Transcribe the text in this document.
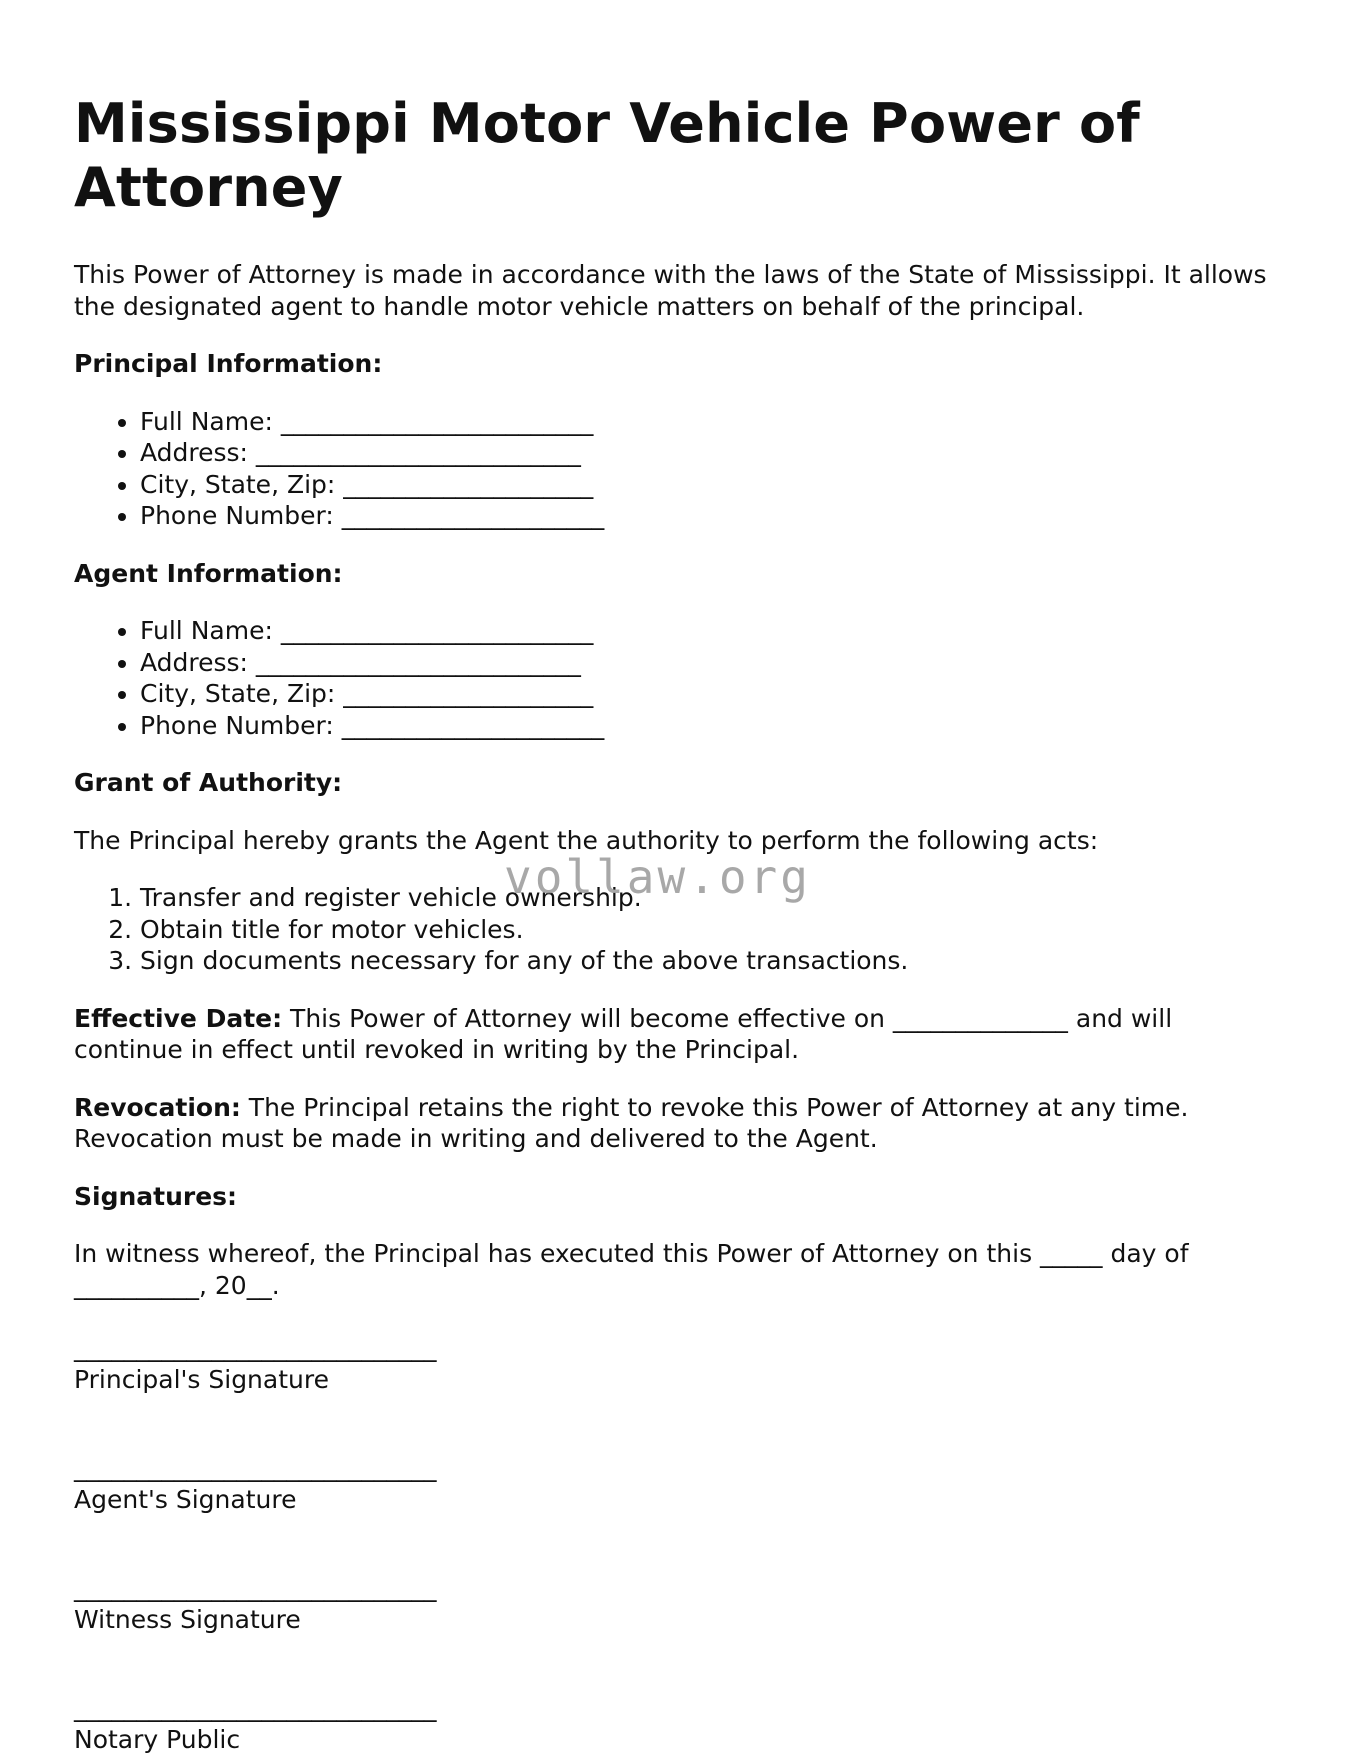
Mississippi Motor Vehicle Power of Attorney

This Power of Attorney is made in accordance with the laws of the State of Mississippi. It allows the designated agent to handle motor vehicle matters on behalf of the principal.

Principal Information:

• Full Name: _________________________
• Address: __________________________
• City, State, Zip: ____________________
• Phone Number: _____________________

Agent Information:

• Full Name: _________________________
• Address: __________________________
• City, State, Zip: ____________________
• Phone Number: _____________________

Grant of Authority:

The Principal hereby grants the Agent the authority to perform the following acts:

1. Transfer and register vehicle ownership.
2. Obtain title for motor vehicles.
3. Sign documents necessary for any of the above transactions.

Effective Date: This Power of Attorney will become effective on ______________ and will continue in effect until revoked in writing by the Principal.

Revocation: The Principal retains the right to revoke this Power of Attorney at any time. Revocation must be made in writing and delivered to the Agent.

Signatures:

In witness whereof, the Principal has executed this Power of Attorney on this _____ day of __________, 20__.

_____________________________
Principal's Signature
_____________________________
Agent's Signature
_____________________________
Witness Signature
_____________________________
Notary Public
vollaw.org
